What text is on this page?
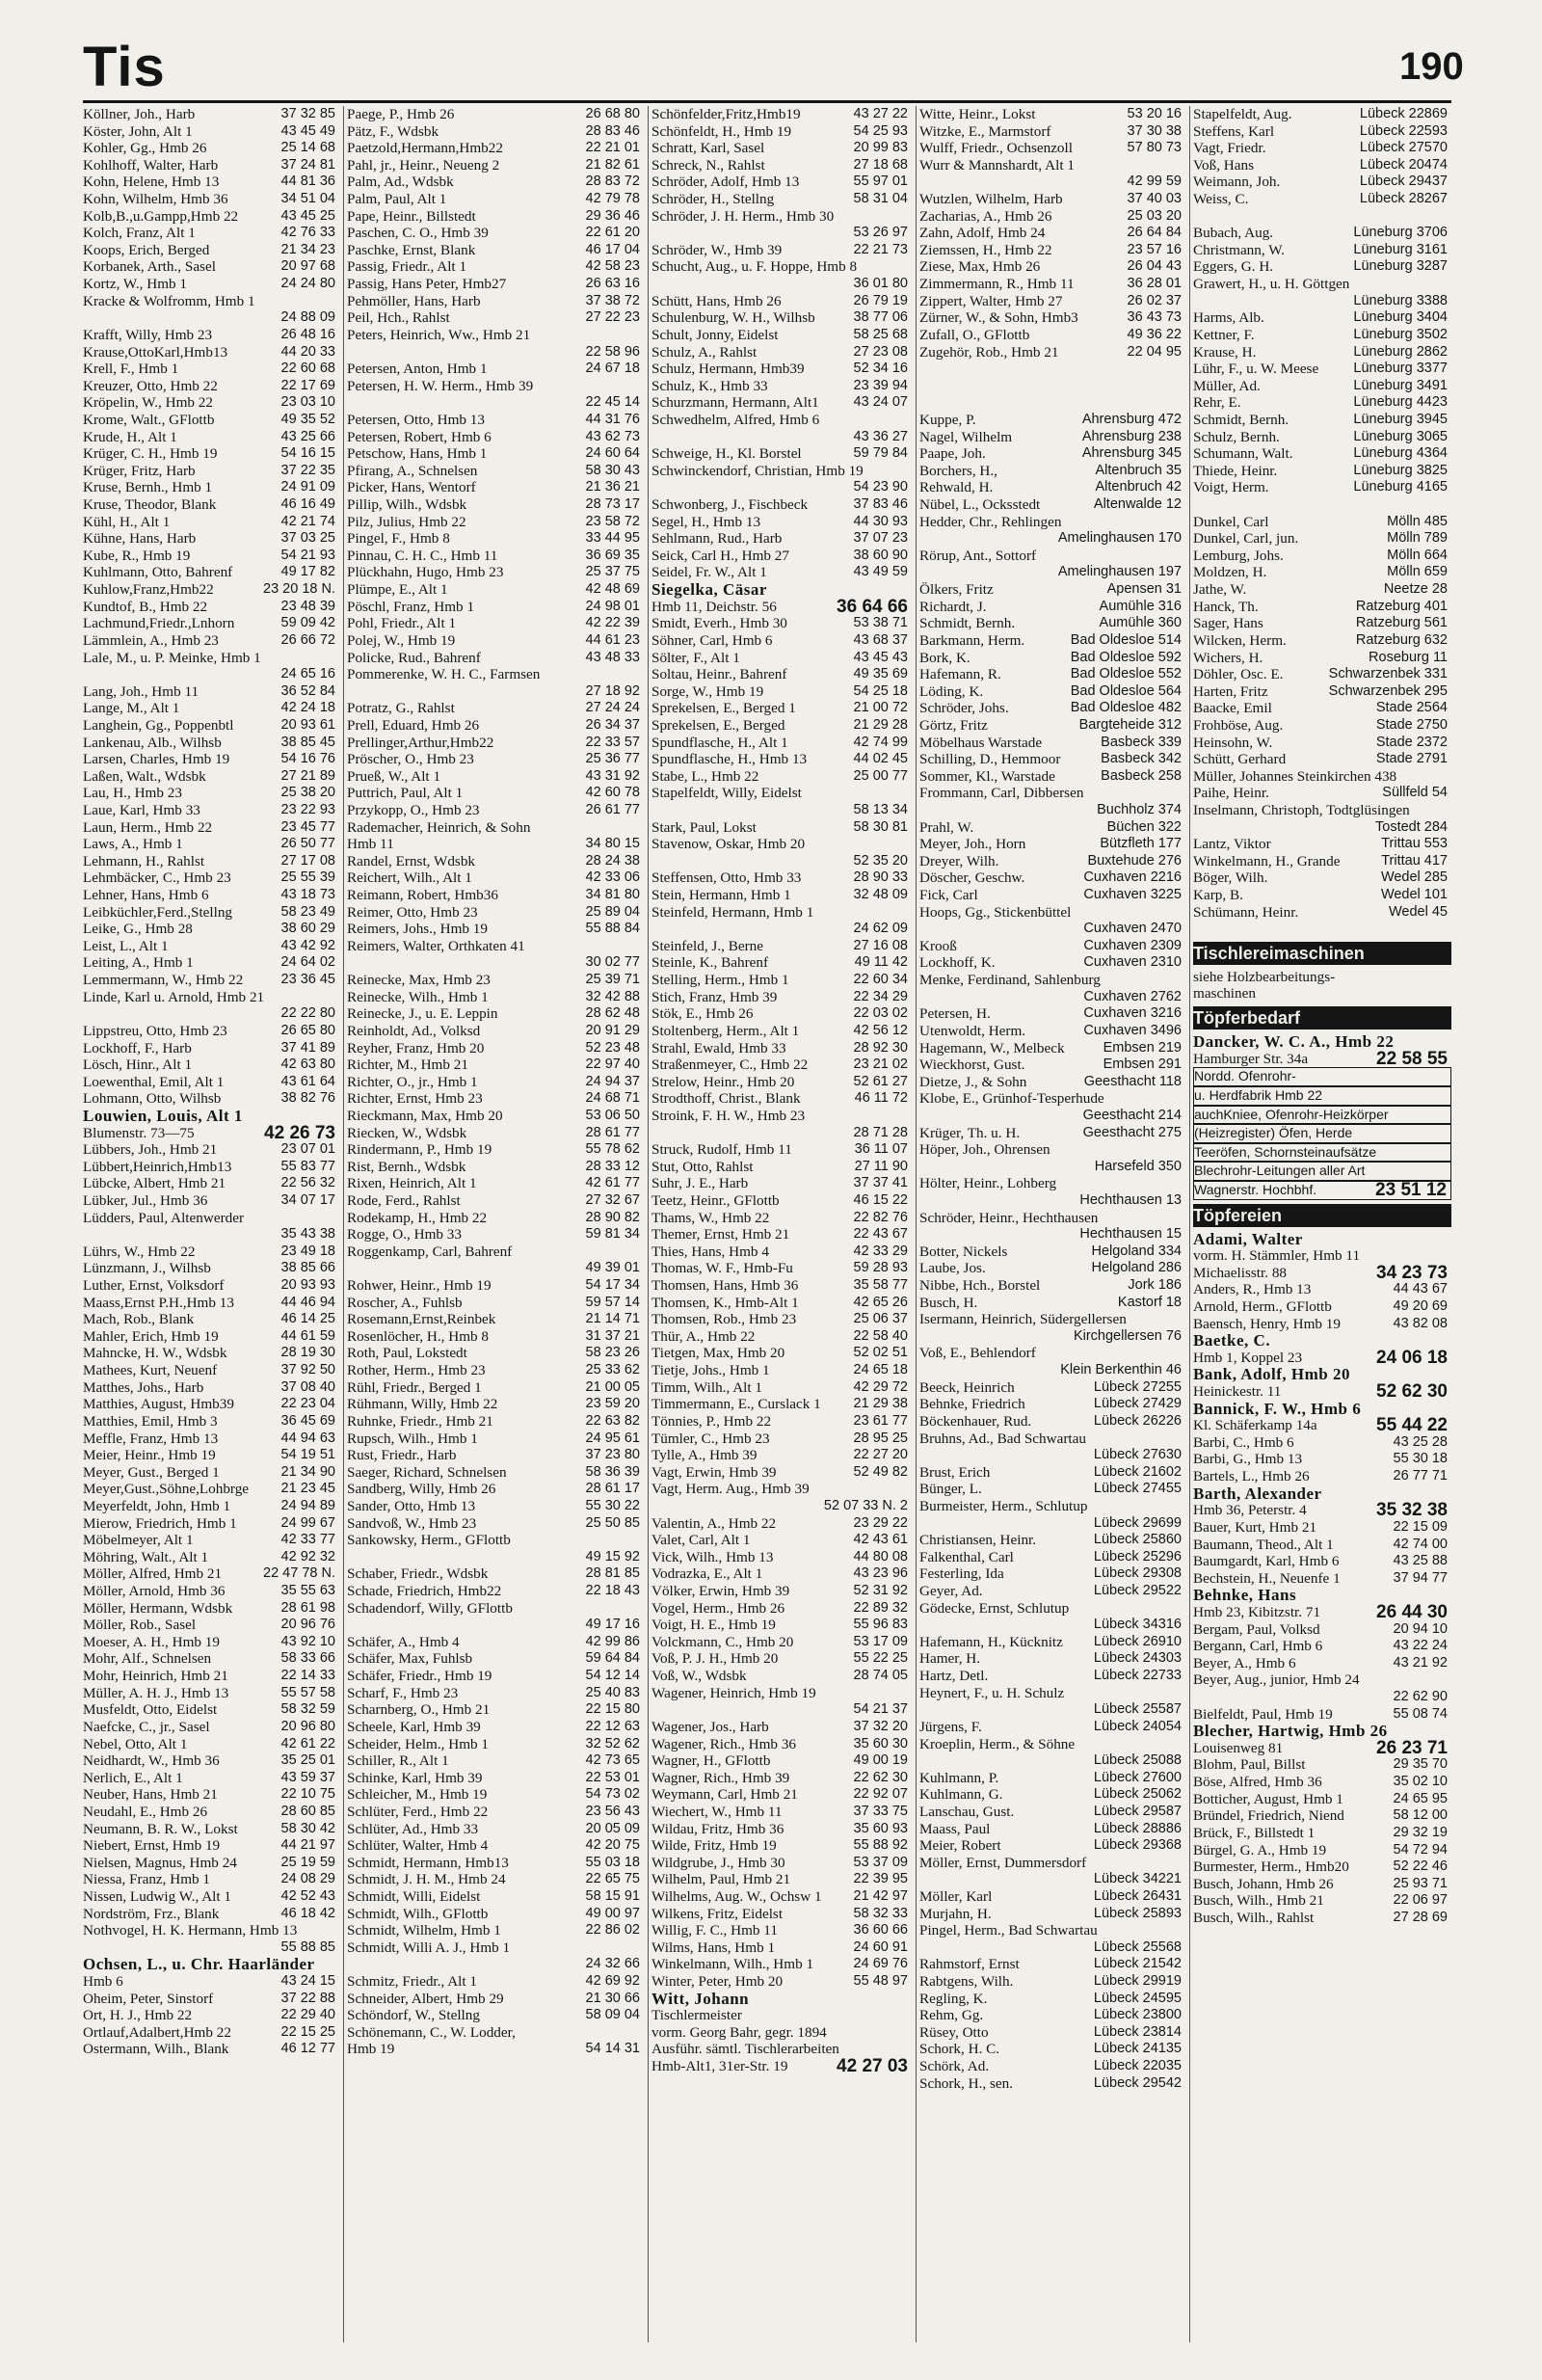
Tis	190
Köllner, Joh., Harb	37 32 85
Köster, John, Alt 1	43 45 49
Kohler, Gg., Hmb 26	25 14 68
Kohlhoff, Walter, Harb	37 24 81
Kohn, Helene, Hmb 13	44 81 36
Kohn, Wilhelm, Hmb 36	34 51 04
Kolb,B.,u.Gampp,Hmb 22	43 45 25
Kolch, Franz, Alt 1	42 76 33
Koops, Erich, Berged	21 34 23
Korbanek, Arth., Sasel	20 97 68
Kortz, W., Hmb 1	24 24 80
Kracke & Wolfromm, Hmb 1
24 88 09
Krafft, Willy, Hmb 23	26 48 16
Krause,OttoKarl,Hmb13	44 20 33
Krell, F., Hmb 1	22 60 68
Kreuzer, Otto, Hmb 22	22 17 69
Kröpelin, W., Hmb 22	23 03 10
Krome, Walt., GFlottb	49 35 52
Krude, H., Alt 1	43 25 66
Krüger, C. H., Hmb 19	54 16 15
Krüger, Fritz, Harb	37 22 35
Kruse, Bernh., Hmb 1	24 91 09
Kruse, Theodor, Blank	46 16 49
Kühl, H., Alt 1	42 21 74
Kühne, Hans, Harb	37 03 25
Kube, R., Hmb 19	54 21 93
Kuhlmann, Otto, Bahrenf	49 17 82
Kuhlow,Franz,Hmb22	23 20 18 N.
Kundtof, B., Hmb 22	23 48 39
Lachmund,Friedr.,Lnhorn	59 09 42
Lämmlein, A., Hmb 23	26 66 72
Lale, M., u. P. Meinke, Hmb 1
24 65 16
Lang, Joh., Hmb 11	36 52 84
Lange, M., Alt 1	42 24 18
Langhein, Gg., Poppenbtl	20 93 61
Lankenau, Alb., Wilhsb	38 85 45
Larsen, Charles, Hmb 19	54 16 76
Laßen, Walt., Wdsbk	27 21 89
Lau, H., Hmb 23	25 38 20
Laue, Karl, Hmb 33	23 22 93
Laun, Herm., Hmb 22	23 45 77
Laws, A., Hmb 1	26 50 77
Lehmann, H., Rahlst	27 17 08
Lehmbäcker, C., Hmb 23	25 55 39
Lehner, Hans, Hmb 6	43 18 73
Leibküchler,Ferd.,Stellng	58 23 49
Leike, G., Hmb 28	38 60 29
Leist, L., Alt 1	43 42 92
Leiting, A., Hmb 1	24 64 02
Lemmermann, W., Hmb 22	23 36 45
Linde, Karl u. Arnold, Hmb 21
22 22 80
Lippstreu, Otto, Hmb 23	26 65 80
Lockhoff, F., Harb	37 41 89
Lösch, Hinr., Alt 1	42 63 80
Loewenthal, Emil, Alt 1	43 61 64
Lohmann, Otto, Wilhsb	38 82 76
Louwien, Louis, Alt 1
Blumenstr. 73—75	42 26 73
Lübbers, Joh., Hmb 21	23 07 01
Lübbert,Heinrich,Hmb13	55 83 77
Lübcke, Albert, Hmb 21	22 56 32
Lübker, Jul., Hmb 36	34 07 17
Lüdders, Paul, Altenwerder
35 43 38
Lührs, W., Hmb 22	23 49 18
Lünzmann, J., Wilhsb	38 85 66
Luther, Ernst, Volksdorf	20 93 93
Maass,Ernst P.H.,Hmb 13	44 46 94
Mach, Rob., Blank	46 14 25
Mahler, Erich, Hmb 19	44 61 59
Mahncke, H. W., Wdsbk	28 19 30
Mathees, Kurt, Neuenf	37 92 50
Matthes, Johs., Harb	37 08 40
Matthies, August, Hmb39	22 23 04
Matthies, Emil, Hmb 3	36 45 69
Meffle, Franz, Hmb 13	44 94 63
Meier, Heinr., Hmb 19	54 19 51
Meyer, Gust., Berged 1	21 34 90
Meyer,Gust.,Söhne,Lohbrge	21 23 45
Meyerfeldt, John, Hmb 1	24 94 89
Mierow, Friedrich, Hmb 1	24 99 67
Möbelmeyer, Alt 1	42 33 77
Möhring, Walt., Alt 1	42 92 32
Möller, Alfred, Hmb 21	22 47 78 N.
Möller, Arnold, Hmb 36	35 55 63
Möller, Hermann, Wdsbk	28 61 98
Möller, Rob., Sasel	20 96 76
Moeser, A. H., Hmb 19	43 92 10
Mohr, Alf., Schnelsen	58 33 66
Mohr, Heinrich, Hmb 21	22 14 33
Müller, A. H. J., Hmb 13	55 57 58
Musfeldt, Otto, Eidelst	58 32 59
Naefcke, C., jr., Sasel	20 96 80
Nebel, Otto, Alt 1	42 61 22
Neidhardt, W., Hmb 36	35 25 01
Nerlich, E., Alt 1	43 59 37
Neuber, Hans, Hmb 21	22 10 75
Neudahl, E., Hmb 26	28 60 85
Neumann, B. R. W., Lokst	58 30 42
Niebert, Ernst, Hmb 19	44 21 97
Nielsen, Magnus, Hmb 24	25 19 59
Niessa, Franz, Hmb 1	24 08 29
Nissen, Ludwig W., Alt 1	42 52 43
Nordström, Frz., Blank	46 18 42
Nothvogel, H. K. Hermann, Hmb 13
55 88 85
Ochsen, L., u. Chr. Haarländer
Hmb 6	43 24 15
Oheim, Peter, Sinstorf	37 22 88
Ort, H. J., Hmb 22	22 29 40
Ortlauf,Adalbert,Hmb 22	22 15 25
Ostermann, Wilh., Blank	46 12 77
Paege, P., Hmb 26	26 68 80
Pätz, F., Wdsbk	28 83 46
Paetzold,Hermann,Hmb22	22 21 01
Pahl, jr., Heinr., Neueng 2	21 82 61
Palm, Ad., Wdsbk	28 83 72
Palm, Paul, Alt 1	42 79 78
Pape, Heinr., Billstedt	29 36 46
Paschen, C. O., Hmb 39	22 61 20
Paschke, Ernst, Blank	46 17 04
Passig, Friedr., Alt 1	42 58 23
Passig, Hans Peter, Hmb27	26 63 16
Pehmöller, Hans, Harb	37 38 72
Peil, Hch., Rahlst	27 22 23
Peters, Heinrich, Ww., Hmb 21
22 58 96
Petersen, Anton, Hmb 1	24 67 18
Petersen, H. W. Herm., Hmb 39
22 45 14
Petersen, Otto, Hmb 13	44 31 76
Petersen, Robert, Hmb 6	43 62 73
Petschow, Hans, Hmb 1	24 60 64
Pfirang, A., Schnelsen	58 30 43
Picker, Hans, Wentorf	21 36 21
Pillip, Wilh., Wdsbk	28 73 17
Pilz, Julius, Hmb 22	23 58 72
Pingel, F., Hmb 8	33 44 95
Pinnau, C. H. C., Hmb 11	36 69 35
Plückhahn, Hugo, Hmb 23	25 37 75
Plümpe, E., Alt 1	42 48 69
Pöschl, Franz, Hmb 1	24 98 01
Pohl, Friedr., Alt 1	42 22 39
Polej, W., Hmb 19	44 61 23
Policke, Rud., Bahrenf	43 48 33
Pommerenke, W. H. C., Farmsen
27 18 92
Potratz, G., Rahlst	27 24 24
Prell, Eduard, Hmb 26	26 34 37
Prellinger,Arthur,Hmb22	22 33 57
Pröscher, O., Hmb 23	25 36 77
Prueß, W., Alt 1	43 31 92
Puttrich, Paul, Alt 1	42 60 78
Przykopp, O., Hmb 23	26 61 77
Rademacher, Heinrich, & Sohn
Hmb 11	34 80 15
Randel, Ernst, Wdsbk	28 24 38
Reichert, Wilh., Alt 1	42 33 06
Reimann, Robert, Hmb36	34 81 80
Reimer, Otto, Hmb 23	25 89 04
Reimers, Johs., Hmb 19	55 88 84
Reimers, Walter, Orthkaten 41
30 02 77
Reinecke, Max, Hmb 23	25 39 71
Reinecke, Wilh., Hmb 1	32 42 88
Reinecke, J., u. E. Leppin	28 62 48
Reinholdt, Ad., Volksd	20 91 29
Reyher, Franz, Hmb 20	52 23 48
Richter, M., Hmb 21	22 97 40
Richter, O., jr., Hmb 1	24 94 37
Richter, Ernst, Hmb 23	24 68 71
Rieckmann, Max, Hmb 20	53 06 50
Riecken, W., Wdsbk	28 61 77
Rindermann, P., Hmb 19	55 78 62
Rist, Bernh., Wdsbk	28 33 12
Rixen, Heinrich, Alt 1	42 61 77
Rode, Ferd., Rahlst	27 32 67
Rodekamp, H., Hmb 22	28 90 82
Rogge, O., Hmb 33	59 81 34
Roggenkamp, Carl, Bahrenf
49 39 01
Rohwer, Heinr., Hmb 19	54 17 34
Roscher, A., Fuhlsb	59 57 14
Rosemann,Ernst,Reinbek	21 14 71
Rosenlöcher, H., Hmb 8	31 37 21
Roth, Paul, Lokstedt	58 23 26
Rother, Herm., Hmb 23	25 33 62
Rühl, Friedr., Berged 1	21 00 05
Rühmann, Willy, Hmb 22	23 59 20
Ruhnke, Friedr., Hmb 21	22 63 82
Rupsch, Wilh., Hmb 1	24 95 61
Rust, Friedr., Harb	37 23 80
Saeger, Richard, Schnelsen	58 36 39
Sandberg, Willy, Hmb 26	28 61 17
Sander, Otto, Hmb 13	55 30 22
Sandvoß, W., Hmb 23	25 50 85
Sankowsky, Herm., GFlottb
49 15 92
Schaber, Friedr., Wdsbk	28 81 85
Schade, Friedrich, Hmb22	22 18 43
Schadendorf, Willy, GFlottb
49 17 16
Schäfer, A., Hmb 4	42 99 86
Schäfer, Max, Fuhlsb	59 64 84
Schäfer, Friedr., Hmb 19	54 12 14
Scharf, F., Hmb 23	25 40 83
Scharnberg, O., Hmb 21	22 15 80
Scheele, Karl, Hmb 39	22 12 63
Scheider, Helm., Hmb 1	32 52 62
Schiller, R., Alt 1	42 73 65
Schinke, Karl, Hmb 39	22 53 01
Schleicher, M., Hmb 19	54 73 02
Schlüter, Ferd., Hmb 22	23 56 43
Schlüter, Ad., Hmb 33	20 05 09
Schlüter, Walter, Hmb 4	42 20 75
Schmidt, Hermann, Hmb13	55 03 18
Schmidt, J. H. M., Hmb 24	22 65 75
Schmidt, Willi, Eidelst	58 15 91
Schmidt, Wilh., GFlottb	49 00 97
Schmidt, Wilhelm, Hmb 1	22 86 02
Schmidt, Willi A. J., Hmb 1
24 32 66
Schmitz, Friedr., Alt 1	42 69 92
Schneider, Albert, Hmb 29	21 30 66
Schöndorf, W., Stellng	58 09 04
Schönemann, C., W. Lodder,
Hmb 19	54 14 31
Schönfelder,Fritz,Hmb19	43 27 22
Schönfeldt, H., Hmb 19	54 25 93
Schratt, Karl, Sasel	20 99 83
Schreck, N., Rahlst	27 18 68
Schröder, Adolf, Hmb 13	55 97 01
Schröder, H., Stellng	58 31 04
Schröder, J. H. Herm., Hmb 30
53 26 97
Schröder, W., Hmb 39	22 21 73
Schucht, Aug., u. F. Hoppe, Hmb 8
36 01 80
Schütt, Hans, Hmb 26	26 79 19
Schulenburg, W. H., Wilhsb	38 77 06
Schult, Jonny, Eidelst	58 25 68
Schulz, A., Rahlst	27 23 08
Schulz, Hermann, Hmb39	52 34 16
Schulz, K., Hmb 33	23 39 94
Schurzmann, Hermann, Alt1	43 24 07
Schwedhelm, Alfred, Hmb 6
43 36 27
Schweige, H., Kl. Borstel	59 79 84
Schwinckendorf, Christian, Hmb 19
54 23 90
Schwonberg, J., Fischbeck	37 83 46
Segel, H., Hmb 13	44 30 93
Sehlmann, Rud., Harb	37 07 23
Seick, Carl H., Hmb 27	38 60 90
Seidel, Fr. W., Alt 1	43 49 59
Siegelka, Cäsar
Hmb 11, Deichstr. 56	36 64 66
Smidt, Everh., Hmb 30	53 38 71
Söhner, Carl, Hmb 6	43 68 37
Sölter, F., Alt 1	43 45 43
Soltau, Heinr., Bahrenf	49 35 69
Sorge, W., Hmb 19	54 25 18
Sprekelsen, E., Berged 1	21 00 72
Sprekelsen, E., Berged	21 29 28
Spundflasche, H., Alt 1	42 74 99
Spundflasche, H., Hmb 13	44 02 45
Stabe, L., Hmb 22	25 00 77
Stapelfeldt, Willy, Eidelst
58 13 34
Stark, Paul, Lokst	58 30 81
Stavenow, Oskar, Hmb 20
52 35 20
Steffensen, Otto, Hmb 33	28 90 33
Stein, Hermann, Hmb 1	32 48 09
Steinfeld, Hermann, Hmb 1
24 62 09
Steinfeld, J., Berne	27 16 08
Steinle, K., Bahrenf	49 11 42
Stelling, Herm., Hmb 1	22 60 34
Stich, Franz, Hmb 39	22 34 29
Stök, E., Hmb 26	22 03 02
Stoltenberg, Herm., Alt 1	42 56 12
Strahl, Ewald, Hmb 33	28 92 30
Straßenmeyer, C., Hmb 22	23 21 02
Strelow, Heinr., Hmb 20	52 61 27
Strodthoff, Christ., Blank	46 11 72
Stroink, F. H. W., Hmb 23
28 71 28
Struck, Rudolf, Hmb 11	36 11 07
Stut, Otto, Rahlst	27 11 90
Suhr, J. E., Harb	37 37 41
Teetz, Heinr., GFlottb	46 15 22
Thams, W., Hmb 22	22 82 76
Themer, Ernst, Hmb 21	22 43 67
Thies, Hans, Hmb 4	42 33 29
Thomas, W. F., Hmb-Fu	59 28 93
Thomsen, Hans, Hmb 36	35 58 77
Thomsen, K., Hmb-Alt 1	42 65 26
Thomsen, Rob., Hmb 23	25 06 37
Thür, A., Hmb 22	22 58 40
Tietgen, Max, Hmb 20	52 02 51
Tietje, Johs., Hmb 1	24 65 18
Timm, Wilh., Alt 1	42 29 72
Timmermann, E., Curslack 1	21 29 38
Tönnies, P., Hmb 22	23 61 77
Tümler, C., Hmb 23	28 95 25
Tylle, A., Hmb 39	22 27 20
Vagt, Erwin, Hmb 39	52 49 82
Vagt, Herm. Aug., Hmb 39
52 07 33 N. 2
Valentin, A., Hmb 22	23 29 22
Valet, Carl, Alt 1	42 43 61
Vick, Wilh., Hmb 13	44 80 08
Vodrazka, E., Alt 1	43 23 96
Völker, Erwin, Hmb 39	52 31 92
Vogel, Herm., Hmb 26	22 89 32
Voigt, H. E., Hmb 19	55 96 83
Volckmann, C., Hmb 20	53 17 09
Voß, P. J. H., Hmb 20	55 22 25
Voß, W., Wdsbk	28 74 05
Wagener, Heinrich, Hmb 19
54 21 37
Wagener, Jos., Harb	37 32 20
Wagener, Rich., Hmb 36	35 60 30
Wagner, H., GFlottb	49 00 19
Wagner, Rich., Hmb 39	22 62 30
Weymann, Carl, Hmb 21	22 92 07
Wiechert, W., Hmb 11	37 33 75
Wildau, Fritz, Hmb 36	35 60 93
Wilde, Fritz, Hmb 19	55 88 92
Wildgrube, J., Hmb 30	53 37 09
Wilhelm, Paul, Hmb 21	22 39 95
Wilhelms, Aug. W., Ochsw 1	21 42 97
Wilkens, Fritz, Eidelst	58 32 33
Willig, F. C., Hmb 11	36 60 66
Wilms, Hans, Hmb 1	24 60 91
Winkelmann, Wilh., Hmb 1	24 69 76
Winter, Peter, Hmb 20	55 48 97
Witt, Johann
Tischlermeister
vorm. Georg Bahr, gegr. 1894
Ausführ. sämtl. Tischlerarbeiten
Hmb-Alt1, 31er-Str. 19	42 27 03
Witte, Heinr., Lokst	53 20 16
Witzke, E., Marmstorf	37 30 38
Wulff, Friedr., Ochsenzoll	57 80 73
Wurr & Mannshardt, Alt 1
42 99 59
Wutzlen, Wilhelm, Harb	37 40 03
Zacharias, A., Hmb 26	25 03 20
Zahn, Adolf, Hmb 24	26 64 84
Ziemssen, H., Hmb 22	23 57 16
Ziese, Max, Hmb 26	26 04 43
Zimmermann, R., Hmb 11	36 28 01
Zippert, Walter, Hmb 27	26 02 37
Zürner, W., & Sohn, Hmb3	36 43 73
Zufall, O., GFlottb	49 36 22
Zugehör, Rob., Hmb 21	22 04 95
Kuppe, P.	Ahrensburg 472
Nagel, Wilhelm	Ahrensburg 238
Paape, Joh.	Ahrensburg 345
Borchers, H.,	Altenbruch 35
Rehwald, H.	Altenbruch 42
Nübel, L., Ocksstedt	Altenwalde 12
Hedder, Chr., Rehlingen
Amelinghausen 170
Rörup, Ant., Sottorf
Amelinghausen 197
Ölkers, Fritz	Apensen 31
Richardt, J.	Aumühle 316
Schmidt, Bernh.	Aumühle 360
Barkmann, Herm.	Bad Oldesloe 514
Bork, K.	Bad Oldesloe 592
Hafemann, R.	Bad Oldesloe 552
Löding, K.	Bad Oldesloe 564
Schröder, Johs.	Bad Oldesloe 482
Görtz, Fritz	Bargteheide 312
Möbelhaus Warstade	Basbeck 339
Schilling, D., Hemmoor	Basbeck 342
Sommer, Kl., Warstade	Basbeck 258
Frommann, Carl, Dibbersen
Buchholz 374
Prahl, W.	Büchen 322
Meyer, Joh., Horn	Bützfleth 177
Dreyer, Wilh.	Buxtehude 276
Döscher, Geschw.	Cuxhaven 2216
Fick, Carl	Cuxhaven 3225
Hoops, Gg., Stickenbüttel
Cuxhaven 2470
Krooß	Cuxhaven 2309
Lockhoff, K.	Cuxhaven 2310
Menke, Ferdinand, Sahlenburg
Cuxhaven 2762
Petersen, H.	Cuxhaven 3216
Utenwoldt, Herm.	Cuxhaven 3496
Hagemann, W., Melbeck	Embsen 219
Wieckhorst, Gust.	Embsen 291
Dietze, J., & Sohn	Geesthacht 118
Klobe, E., Grünhof-Tesperhude
Geesthacht 214
Krüger, Th. u. H.	Geesthacht 275
Höper, Joh., Ohrensen
Harsefeld 350
Hölter, Heinr., Lohberg
Hechthausen 13
Schröder, Heinr., Hechthausen
Hechthausen 15
Botter, Nickels	Helgoland 334
Laube, Jos.	Helgoland 286
Nibbe, Hch., Borstel	Jork 186
Busch, H.	Kastorf 18
Isermann, Heinrich, Südergellersen
Kirchgellersen 76
Voß, E., Behlendorf
Klein Berkenthin 46
Beeck, Heinrich	Lübeck 27255
Behnke, Friedrich	Lübeck 27429
Böckenhauer, Rud.	Lübeck 26226
Bruhns, Ad., Bad Schwartau
Lübeck 27630
Brust, Erich	Lübeck 21602
Bünger, L.	Lübeck 27455
Burmeister, Herm., Schlutup
Lübeck 29699
Christiansen, Heinr.	Lübeck 25860
Falkenthal, Carl	Lübeck 25296
Festerling, Ida	Lübeck 29308
Geyer, Ad.	Lübeck 29522
Gödecke, Ernst, Schlutup
Lübeck 34316
Hafemann, H., Kücknitz	Lübeck 26910
Hamer, H.	Lübeck 24303
Hartz, Detl.	Lübeck 22733
Heynert, F., u. H. Schulz
Lübeck 25587
Jürgens, F.	Lübeck 24054
Kroeplin, Herm., & Söhne
Lübeck 25088
Kuhlmann, P.	Lübeck 27600
Kuhlmann, G.	Lübeck 25062
Lanschau, Gust.	Lübeck 29587
Maass, Paul	Lübeck 28886
Meier, Robert	Lübeck 29368
Möller, Ernst, Dummersdorf
Lübeck 34221
Möller, Karl	Lübeck 26431
Murjahn, H.	Lübeck 25893
Pingel, Herm., Bad Schwartau
Lübeck 25568
Rahmstorf, Ernst	Lübeck 21542
Rabtgens, Wilh.	Lübeck 29919
Regling, K.	Lübeck 24595
Rehm, Gg.	Lübeck 23800
Rüsey, Otto	Lübeck 23814
Schork, H. C.	Lübeck 24135
Schörk, Ad.	Lübeck 22035
Schork, H., sen.	Lübeck 29542
Stapelfeldt, Aug.	Lübeck 22869
Steffens, Karl	Lübeck 22593
Vagt, Friedr.	Lübeck 27570
Voß, Hans	Lübeck 20474
Weimann, Joh.	Lübeck 29437
Weiss, C.	Lübeck 28267
Bubach, Aug.	Lüneburg 3706
Christmann, W.	Lüneburg 3161
Eggers, G. H.	Lüneburg 3287
Grawert, H., u. H. Göttgen
Lüneburg 3388
Harms, Alb.	Lüneburg 3404
Kettner, F.	Lüneburg 3502
Krause, H.	Lüneburg 2862
Lühr, F., u. W. Meese	Lüneburg 3377
Müller, Ad.	Lüneburg 3491
Rehr, E.	Lüneburg 4423
Schmidt, Bernh.	Lüneburg 3945
Schulz, Bernh.	Lüneburg 3065
Schumann, Walt.	Lüneburg 4364
Thiede, Heinr.	Lüneburg 3825
Voigt, Herm.	Lüneburg 4165
Dunkel, Carl	Mölln 485
Dunkel, Carl, jun.	Mölln 789
Lemburg, Johs.	Mölln 664
Moldzen, H.	Mölln 659
Jathe, W.	Neetze 28
Hanck, Th.	Ratzeburg 401
Sager, Hans	Ratzeburg 561
Wilcken, Herm.	Ratzeburg 632
Wichers, H.	Roseburg 11
Döhler, Osc. E.	Schwarzenbek 331
Harten, Fritz	Schwarzenbek 295
Baacke, Emil	Stade 2564
Frohböse, Aug.	Stade 2750
Heinsohn, W.	Stade 2372
Schütt, Gerhard	Stade 2791
Müller, Johannes Steinkirchen 438
Paihe, Heinr.	Süllfeld 54
Inselmann, Christoph, Todtglüsingen
Tostedt 284
Lantz, Viktor	Trittau 553
Winkelmann, H., Grande	Trittau 417
Böger, Wilh.	Wedel 285
Karp, B.	Wedel 101
Schümann, Heinr.	Wedel 45
Tischlereimaschinen
siehe Holzbearbeitungs-
maschinen
Töpferbedarf
Dancker, W. C. A., Hmb 22
Hamburger Str. 34a	22 58 55
Nordd. Ofenrohr-
u. Herdfabrik Hmb 22
auchKniee, Ofenrohr-Heizkörper
(Heizregister) Öfen, Herde
Teeröfen, Schornsteinaufsätze
Blechrohr-Leitungen aller Art
Wagnerstr. Hochbhf.	23 51 12
Töpfereien
Adami, Walter
vorm. H. Stämmler, Hmb 11
Michaelisstr. 88	34 23 73
Anders, R., Hmb 13	44 43 67
Arnold, Herm., GFlottb	49 20 69
Baensch, Henry, Hmb 19	43 82 08
Baetke, C.
Hmb 1, Koppel 23	24 06 18
Bank, Adolf, Hmb 20
Heinickestr. 11	52 62 30
Bannick, F. W., Hmb 6
Kl. Schäferkamp 14a	55 44 22
Barbi, C., Hmb 6	43 25 28
Barbi, G., Hmb 13	55 30 18
Bartels, L., Hmb 26	26 77 71
Barth, Alexander
Hmb 36, Peterstr. 4	35 32 38
Bauer, Kurt, Hmb 21	22 15 09
Baumann, Theod., Alt 1	42 74 00
Baumgardt, Karl, Hmb 6	43 25 88
Bechstein, H., Neuenfe 1	37 94 77
Behnke, Hans
Hmb 23, Kibitzstr. 71	26 44 30
Bergam, Paul, Volksd	20 94 10
Bergann, Carl, Hmb 6	43 22 24
Beyer, A., Hmb 6	43 21 92
Beyer, Aug., junior, Hmb 24
22 62 90
Bielfeldt, Paul, Hmb 19	55 08 74
Blecher, Hartwig, Hmb 26
Louisenweg 81	26 23 71
Blohm, Paul, Billst	29 35 70
Böse, Alfred, Hmb 36	35 02 10
Botticher, August, Hmb 1	24 65 95
Bründel, Friedrich, Niend	58 12 00
Brück, F., Billstedt 1	29 32 19
Bürgel, G. A., Hmb 19	54 72 94
Burmester, Herm., Hmb20	52 22 46
Busch, Johann, Hmb 26	25 93 71
Busch, Wilh., Hmb 21	22 06 97
Busch, Wilh., Rahlst	27 28 69
